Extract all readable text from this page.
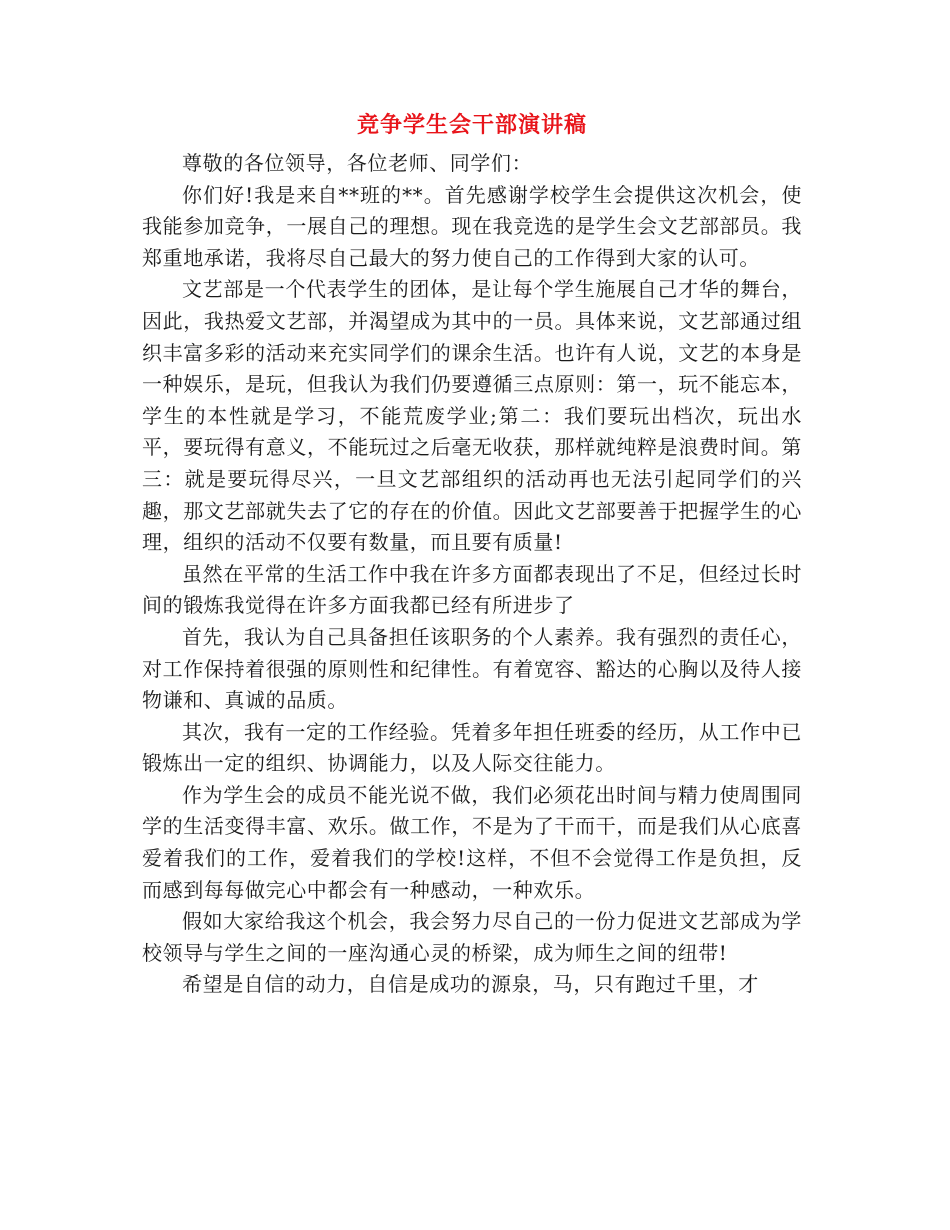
竞争学生会干部演讲稿

尊敬的各位领导，各位老师、同学们：

你们好!我是来自**班的**。首先感谢学校学生会提供这次机会，使我能参加竞争，一展自己的理想。现在我竞选的是学生会文艺部部员。我郑重地承诺，我将尽自己最大的努力使自己的工作得到大家的认可。

文艺部是一个代表学生的团体，是让每个学生施展自己才华的舞台，因此，我热爱文艺部，并渴望成为其中的一员。具体来说，文艺部通过组织丰富多彩的活动来充实同学们的课余生活。也许有人说，文艺的本身是一种娱乐，是玩，但我认为我们仍要遵循三点原则：第一，玩不能忘本，学生的本性就是学习，不能荒废学业;第二：我们要玩出档次，玩出水平，要玩得有意义，不能玩过之后毫无收获，那样就纯粹是浪费时间。第三：就是要玩得尽兴，一旦文艺部组织的活动再也无法引起同学们的兴趣，那文艺部就失去了它的存在的价值。因此文艺部要善于把握学生的心理，组织的活动不仅要有数量，而且要有质量!

虽然在平常的生活工作中我在许多方面都表现出了不足，但经过长时间的锻炼我觉得在许多方面我都已经有所进步了

首先，我认为自己具备担任该职务的个人素养。我有强烈的责任心，对工作保持着很强的原则性和纪律性。有着宽容、豁达的心胸以及待人接物谦和、真诚的品质。

其次，我有一定的工作经验。凭着多年担任班委的经历，从工作中已锻炼出一定的组织、协调能力，以及人际交往能力。

作为学生会的成员不能光说不做，我们必须花出时间与精力使周围同学的生活变得丰富、欢乐。做工作，不是为了干而干，而是我们从心底喜爱着我们的工作，爱着我们的学校!这样，不但不会觉得工作是负担，反而感到每每做完心中都会有一种感动，一种欢乐。

假如大家给我这个机会，我会努力尽自己的一份力促进文艺部成为学校领导与学生之间的一座沟通心灵的桥梁，成为师生之间的纽带!

希望是自信的动力，自信是成功的源泉，马，只有跑过千里，才
